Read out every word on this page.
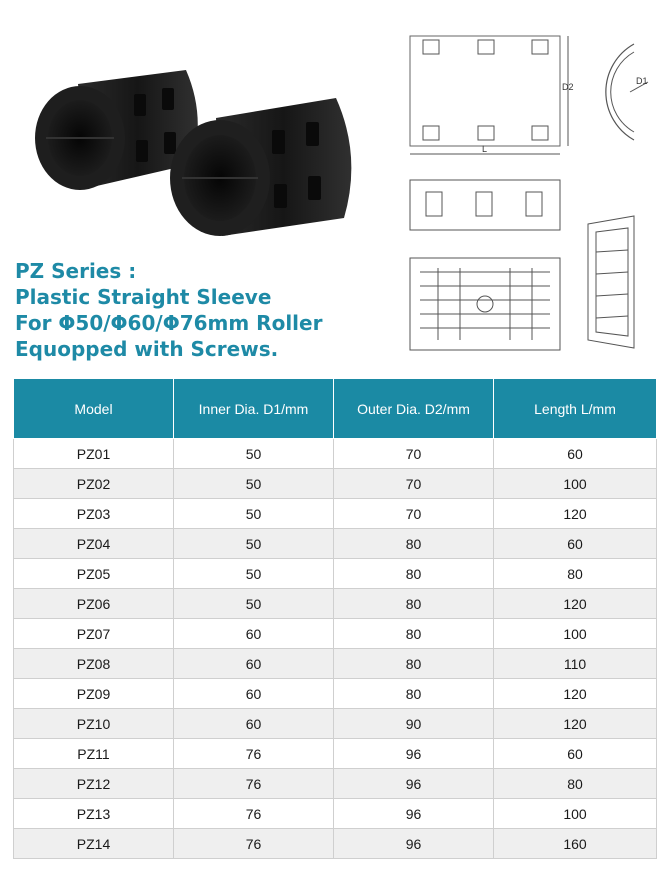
D2
D1
L
PZ Series :
Plastic Straight Sleeve
For Φ50/Φ60/Φ76mm Roller
Equopped with Screws.
Model	Inner Dia. D1/mm	Outer Dia. D2/mm	Length L/mm
PZ01	50	70	60
PZ02	50	70	100
PZ03	50	70	120
PZ04	50	80	60
PZ05	50	80	80
PZ06	50	80	120
PZ07	60	80	100
PZ08	60	80	110
PZ09	60	80	120
PZ10	60	90	120
PZ11	76	96	60
PZ12	76	96	80
PZ13	76	96	100
PZ14	76	96	160
